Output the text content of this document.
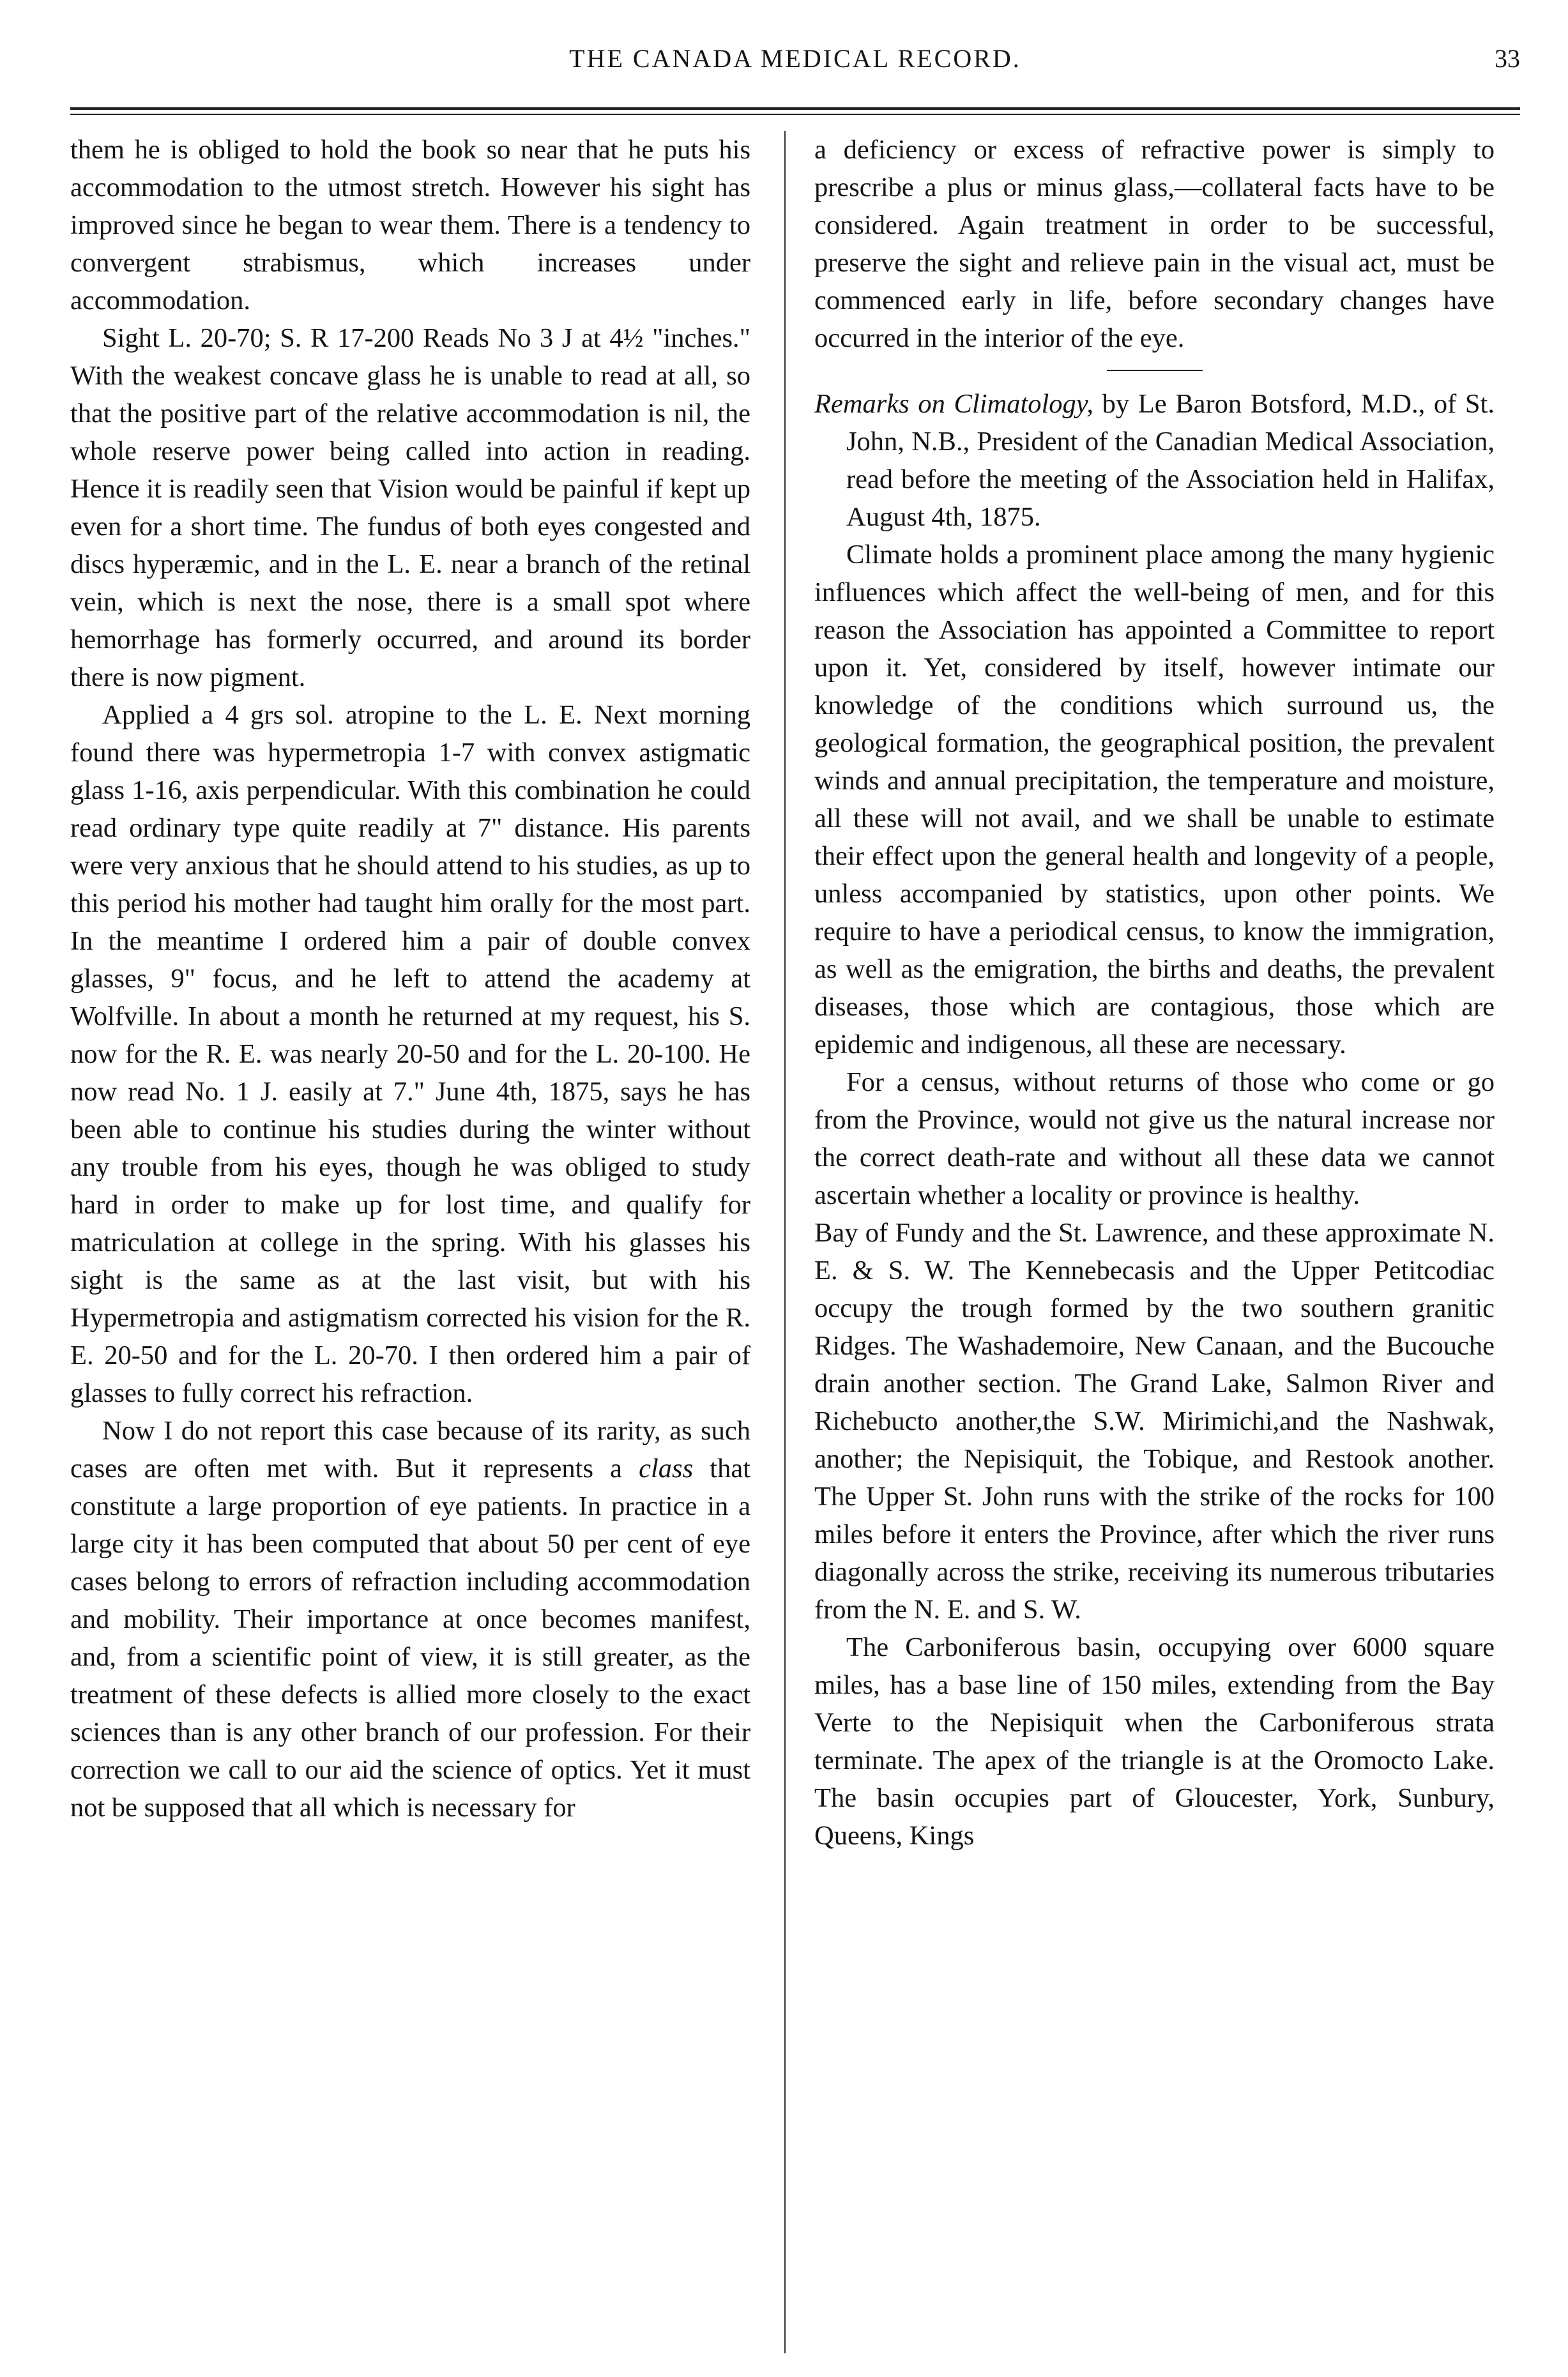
THE CANADA MEDICAL RECORD.	33

them he is obliged to hold the book so near that he puts his accommodation to the utmost stretch. However his sight has improved since he began to wear them. There is a tendency to convergent strabismus, which increases under accommodation.

Sight L. 20-70; S. R 17-200 Reads No 3 J at 4½ "inches." With the weakest concave glass he is unable to read at all, so that the positive part of the relative accommodation is nil, the whole reserve power being called into action in reading. Hence it is readily seen that Vision would be painful if kept up even for a short time. The fundus of both eyes congested and discs hyperæmic, and in the L. E. near a branch of the retinal vein, which is next the nose, there is a small spot where hemorrhage has formerly occurred, and around its border there is now pigment.

Applied a 4 grs sol. atropine to the L. E. Next morning found there was hypermetropia 1-7 with convex astigmatic glass 1-16, axis perpendicular. With this combination he could read ordinary type quite readily at 7" distance. His parents were very anxious that he should attend to his studies, as up to this period his mother had taught him orally for the most part. In the meantime I ordered him a pair of double convex glasses, 9" focus, and he left to attend the academy at Wolfville. In about a month he returned at my request, his S. now for the R. E. was nearly 20-50 and for the L. 20-100. He now read No. 1 J. easily at 7." June 4th, 1875, says he has been able to continue his studies during the winter without any trouble from his eyes, though he was obliged to study hard in order to make up for lost time, and qualify for matriculation at college in the spring. With his glasses his sight is the same as at the last visit, but with his Hypermetropia and astigmatism corrected his vision for the R. E. 20-50 and for the L. 20-70. I then ordered him a pair of glasses to fully correct his refraction.

Now I do not report this case because of its rarity, as such cases are often met with. But it represents a class that constitute a large proportion of eye patients. In practice in a large city it has been computed that about 50 per cent of eye cases belong to errors of refraction including accommodation and mobility. Their importance at once becomes manifest, and, from a scientific point of view, it is still greater, as the treatment of these defects is allied more closely to the exact sciences than is any other branch of our profession. For their correction we call to our aid the science of optics. Yet it must not be supposed that all which is necessary for

a deficiency or excess of refractive power is simply to prescribe a plus or minus glass,—collateral facts have to be considered. Again treatment in order to be successful, preserve the sight and relieve pain in the visual act, must be commenced early in life, before secondary changes have occurred in the interior of the eye.

Remarks on Climatology, by Le Baron Botsford, M.D., of St. John, N.B., President of the Canadian Medical Association, read before the meeting of the Association held in Halifax, August 4th, 1875.

Climate holds a prominent place among the many hygienic influences which affect the well-being of men, and for this reason the Association has appointed a Committee to report upon it. Yet, considered by itself, however intimate our knowledge of the conditions which surround us, the geological formation, the geographical position, the prevalent winds and annual precipitation, the temperature and moisture, all these will not avail, and we shall be unable to estimate their effect upon the general health and longevity of a people, unless accompanied by statistics, upon other points. We require to have a periodical census, to know the immigration, as well as the emigration, the births and deaths, the prevalent diseases, those which are contagious, those which are epidemic and indigenous, all these are necessary.

For a census, without returns of those who come or go from the Province, would not give us the natural increase nor the correct death-rate and without all these data we cannot ascertain whether a locality or province is healthy.

Bay of Fundy and the St. Lawrence, and these approximate N. E. & S. W. The Kennebecasis and the Upper Petitcodiac occupy the trough formed by the two southern granitic Ridges. The Washademoire, New Canaan, and the Bucouche drain another section. The Grand Lake, Salmon River and Richebucto another,the S.W. Mirimichi,and the Nashwak, another; the Nepisiquit, the Tobique, and Restook another. The Upper St. John runs with the strike of the rocks for 100 miles before it enters the Province, after which the river runs diagonally across the strike, receiving its numerous tributaries from the N. E. and S. W.

The Carboniferous basin, occupying over 6000 square miles, has a base line of 150 miles, extending from the Bay Verte to the Nepisiquit when the Carboniferous strata terminate. The apex of the triangle is at the Oromocto Lake. The basin occupies part of Gloucester, York, Sunbury, Queens, Kings
